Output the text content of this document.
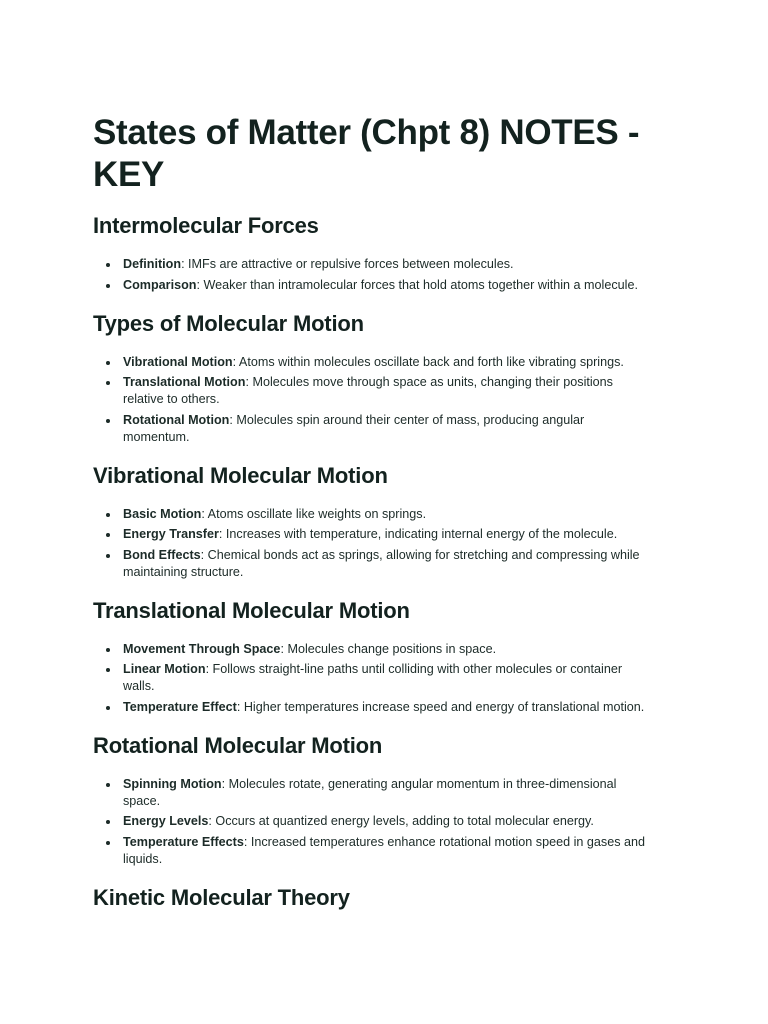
States of Matter (Chpt 8) NOTES - KEY
Intermolecular Forces
Definition: IMFs are attractive or repulsive forces between molecules.
Comparison: Weaker than intramolecular forces that hold atoms together within a molecule.
Types of Molecular Motion
Vibrational Motion: Atoms within molecules oscillate back and forth like vibrating springs.
Translational Motion: Molecules move through space as units, changing their positions relative to others.
Rotational Motion: Molecules spin around their center of mass, producing angular momentum.
Vibrational Molecular Motion
Basic Motion: Atoms oscillate like weights on springs.
Energy Transfer: Increases with temperature, indicating internal energy of the molecule.
Bond Effects: Chemical bonds act as springs, allowing for stretching and compressing while maintaining structure.
Translational Molecular Motion
Movement Through Space: Molecules change positions in space.
Linear Motion: Follows straight-line paths until colliding with other molecules or container walls.
Temperature Effect: Higher temperatures increase speed and energy of translational motion.
Rotational Molecular Motion
Spinning Motion: Molecules rotate, generating angular momentum in three-dimensional space.
Energy Levels: Occurs at quantized energy levels, adding to total molecular energy.
Temperature Effects: Increased temperatures enhance rotational motion speed in gases and liquids.
Kinetic Molecular Theory
